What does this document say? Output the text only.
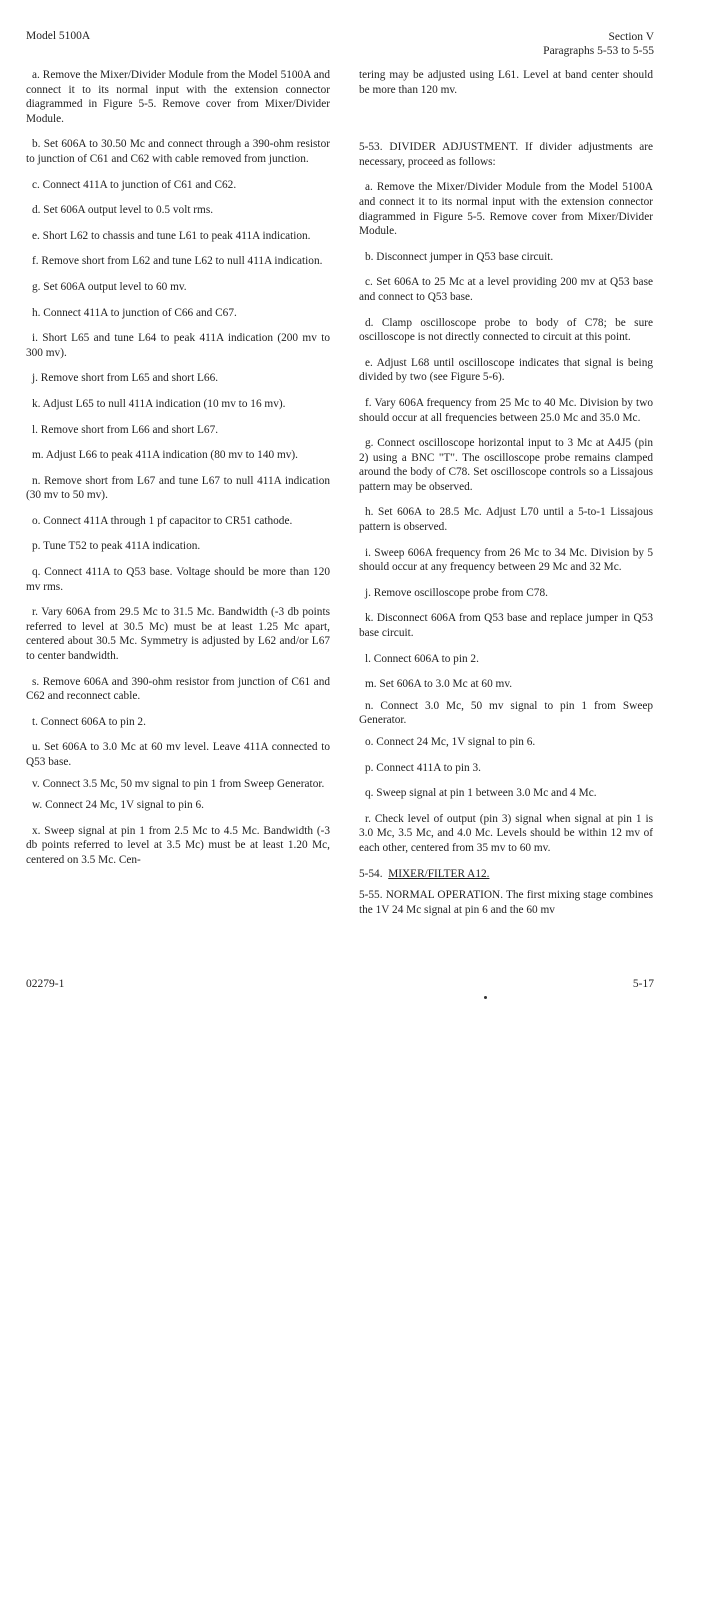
Model 5100A	Section V
Paragraphs 5-53 to 5-55

a. Remove the Mixer/Divider Module from the Model 5100A and connect it to its normal input with the extension connector diagrammed in Figure 5-5. Remove cover from Mixer/Divider Module.

b. Set 606A to 30.50 Mc and connect through a 390-ohm resistor to junction of C61 and C62 with cable removed from junction.

c. Connect 411A to junction of C61 and C62.

d. Set 606A output level to 0.5 volt rms.

e. Short L62 to chassis and tune L61 to peak 411A indication.

f. Remove short from L62 and tune L62 to null 411A indication.

g. Set 606A output level to 60 mv.

h. Connect 411A to junction of C66 and C67.

i. Short L65 and tune L64 to peak 411A indication (200 mv to 300 mv).

j. Remove short from L65 and short L66.

k. Adjust L65 to null 411A indication (10 mv to 16 mv).

l. Remove short from L66 and short L67.

m. Adjust L66 to peak 411A indication (80 mv to 140 mv).

n. Remove short from L67 and tune L67 to null 411A indication (30 mv to 50 mv).

o. Connect 411A through 1 pf capacitor to CR51 cathode.

p. Tune T52 to peak 411A indication.

q. Connect 411A to Q53 base. Voltage should be more than 120 mv rms.

r. Vary 606A from 29.5 Mc to 31.5 Mc. Bandwidth (-3 db points referred to level at 30.5 Mc) must be at least 1.25 Mc apart, centered about 30.5 Mc. Symmetry is adjusted by L62 and/or L67 to center bandwidth.

s. Remove 606A and 390-ohm resistor from junction of C61 and C62 and reconnect cable.

t. Connect 606A to pin 2.

u. Set 606A to 3.0 Mc at 60 mv level. Leave 411A connected to Q53 base.

v. Connect 3.5 Mc, 50 mv signal to pin 1 from Sweep Generator.

w. Connect 24 Mc, 1V signal to pin 6.

x. Sweep signal at pin 1 from 2.5 Mc to 4.5 Mc. Bandwidth (-3 db points referred to level at 3.5 Mc) must be at least 1.20 Mc, centered on 3.5 Mc. Cen-

tering may be adjusted using L61. Level at band center should be more than 120 mv.

5-53. DIVIDER ADJUSTMENT. If divider adjustments are necessary, proceed as follows:

a. Remove the Mixer/Divider Module from the Model 5100A and connect it to its normal input with the extension connector diagrammed in Figure 5-5. Remove cover from Mixer/Divider Module.

b. Disconnect jumper in Q53 base circuit.

c. Set 606A to 25 Mc at a level providing 200 mv at Q53 base and connect to Q53 base.

d. Clamp oscilloscope probe to body of C78; be sure oscilloscope is not directly connected to circuit at this point.

e. Adjust L68 until oscilloscope indicates that signal is being divided by two (see Figure 5-6).

f. Vary 606A frequency from 25 Mc to 40 Mc. Division by two should occur at all frequencies between 25.0 Mc and 35.0 Mc.

g. Connect oscilloscope horizontal input to 3 Mc at A4J5 (pin 2) using a BNC "T". The oscilloscope probe remains clamped around the body of C78. Set oscilloscope controls so a Lissajous pattern may be observed.

h. Set 606A to 28.5 Mc. Adjust L70 until a 5-to-1 Lissajous pattern is observed.

i. Sweep 606A frequency from 26 Mc to 34 Mc. Division by 5 should occur at any frequency between 29 Mc and 32 Mc.

j. Remove oscilloscope probe from C78.

k. Disconnect 606A from Q53 base and replace jumper in Q53 base circuit.

l. Connect 606A to pin 2.

m. Set 606A to 3.0 Mc at 60 mv.

n. Connect 3.0 Mc, 50 mv signal to pin 1 from Sweep Generator.

o. Connect 24 Mc, 1V signal to pin 6.

p. Connect 411A to pin 3.

q. Sweep signal at pin 1 between 3.0 Mc and 4 Mc.

r. Check level of output (pin 3) signal when signal at pin 1 is 3.0 Mc, 3.5 Mc, and 4.0 Mc. Levels should be within 12 mv of each other, centered from 35 mv to 60 mv.

5-54. MIXER/FILTER A12.

5-55. NORMAL OPERATION. The first mixing stage combines the 1V 24 Mc signal at pin 6 and the 60 mv

02279-1	5-17
